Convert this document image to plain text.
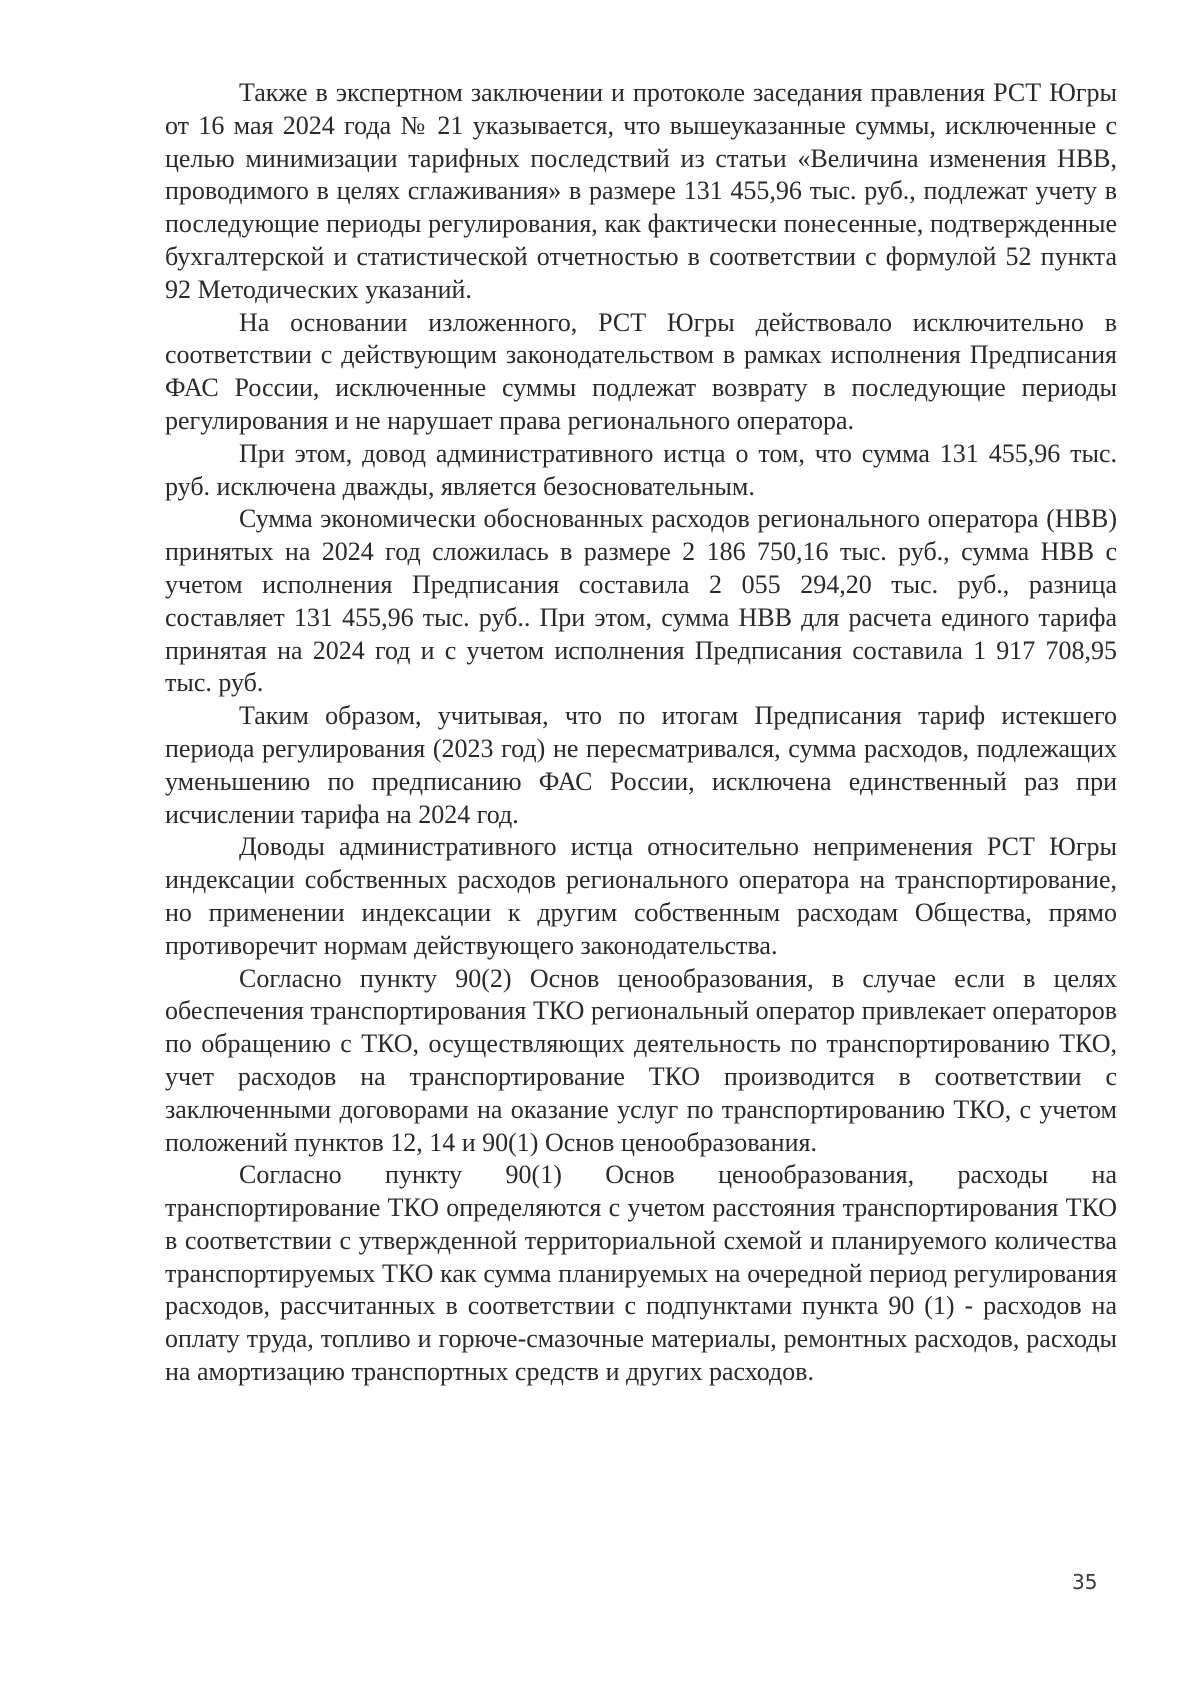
Также в экспертном заключении и протоколе заседания правления РСТ Югры от 16 мая 2024 года № 21 указывается, что вышеуказанные суммы, исключенные с целью минимизации тарифных последствий из статьи «Величина изменения НВВ, проводимого в целях сглаживания» в размере 131 455,96 тыс. руб., подлежат учету в последующие периоды регулирования, как фактически понесенные, подтвержденные бухгалтерской и статистической отчетностью в соответствии с формулой 52 пункта 92 Методических указаний.

На основании изложенного, РСТ Югры действовало исключительно в соответствии с действующим законодательством в рамках исполнения Предписания ФАС России, исключенные суммы подлежат возврату в последующие периоды регулирования и не нарушает права регионального оператора.

При этом, довод административного истца о том, что сумма 131 455,96 тыс. руб. исключена дважды, является безосновательным.

Сумма экономически обоснованных расходов регионального оператора (НВВ) принятых на 2024 год сложилась в размере 2 186 750,16 тыс. руб., сумма НВВ с учетом исполнения Предписания составила 2 055 294,20 тыс. руб., разница составляет 131 455,96 тыс. руб.. При этом, сумма НВВ для расчета единого тарифа принятая на 2024 год и с учетом исполнения Предписания составила 1 917 708,95 тыс. руб.

Таким образом, учитывая, что по итогам Предписания тариф истекшего периода регулирования (2023 год) не пересматривался, сумма расходов, подлежащих уменьшению по предписанию ФАС России, исключена единственный раз при исчислении тарифа на 2024 год.

Доводы административного истца относительно неприменения РСТ Югры индексации собственных расходов регионального оператора на транспортирование, но применении индексации к другим собственным расходам Общества, прямо противоречит нормам действующего законодательства.

Согласно пункту 90(2) Основ ценообразования, в случае если в целях обеспечения транспортирования ТКО региональный оператор привлекает операторов по обращению с ТКО, осуществляющих деятельность по транспортированию ТКО, учет расходов на транспортирование ТКО производится в соответствии с заключенными договорами на оказание услуг по транспортированию ТКО, с учетом положений пунктов 12, 14 и 90(1) Основ ценообразования.

Согласно пункту 90(1) Основ ценообразования, расходы на транспортирование ТКО определяются с учетом расстояния транспортирования ТКО в соответствии с утвержденной территориальной схемой и планируемого количества транспортируемых ТКО как сумма планируемых на очередной период регулирования расходов, рассчитанных в соответствии с подпунктами пункта 90 (1) - расходов на оплату труда, топливо и горюче-смазочные материалы, ремонтных расходов, расходы на амортизацию транспортных средств и других расходов.

35
